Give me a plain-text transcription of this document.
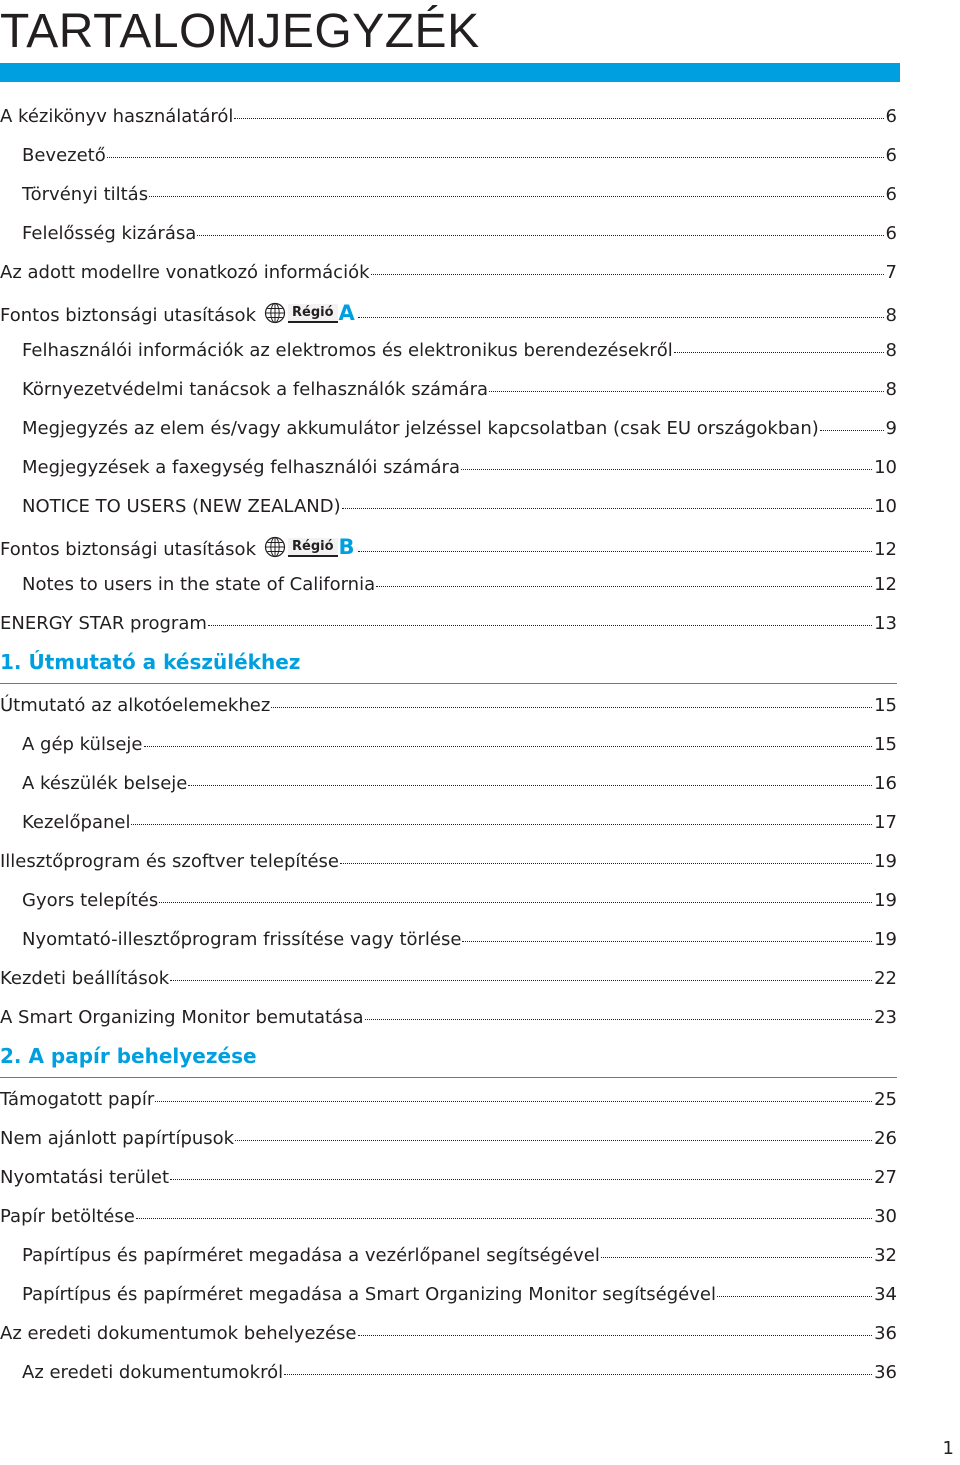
TARTALOMJEGYZÉK
A kézikönyv használatáról	6
Bevezető	6
Törvényi tiltás	6
Felelősség kizárása	6
Az adott modellre vonatkozó információk	7
Fontos biztonsági utasítások	Régió A	8
Felhasználói információk az elektromos és elektronikus berendezésekről	8
Környezetvédelmi tanácsok a felhasználók számára	8
Megjegyzés az elem és/vagy akkumulátor jelzéssel kapcsolatban (csak EU országokban)	9
Megjegyzések a faxegység felhasználói számára	10
NOTICE TO USERS (NEW ZEALAND)	10
Fontos biztonsági utasítások	Régió B	12
Notes to users in the state of California	12
ENERGY STAR program	13
1. Útmutató a készülékhez
Útmutató az alkotóelemekhez	15
A gép külseje	15
A készülék belseje	16
Kezelőpanel	17
Illesztőprogram és szoftver telepítése	19
Gyors telepítés	19
Nyomtató-illesztőprogram frissítése vagy törlése	19
Kezdeti beállítások	22
A Smart Organizing Monitor bemutatása	23
2. A papír behelyezése
Támogatott papír	25
Nem ajánlott papírtípusok	26
Nyomtatási terület	27
Papír betöltése	30
Papírtípus és papírméret megadása a vezérlőpanel segítségével	32
Papírtípus és papírméret megadása a Smart Organizing Monitor segítségével	34
Az eredeti dokumentumok behelyezése	36
Az eredeti dokumentumokról	36
1
